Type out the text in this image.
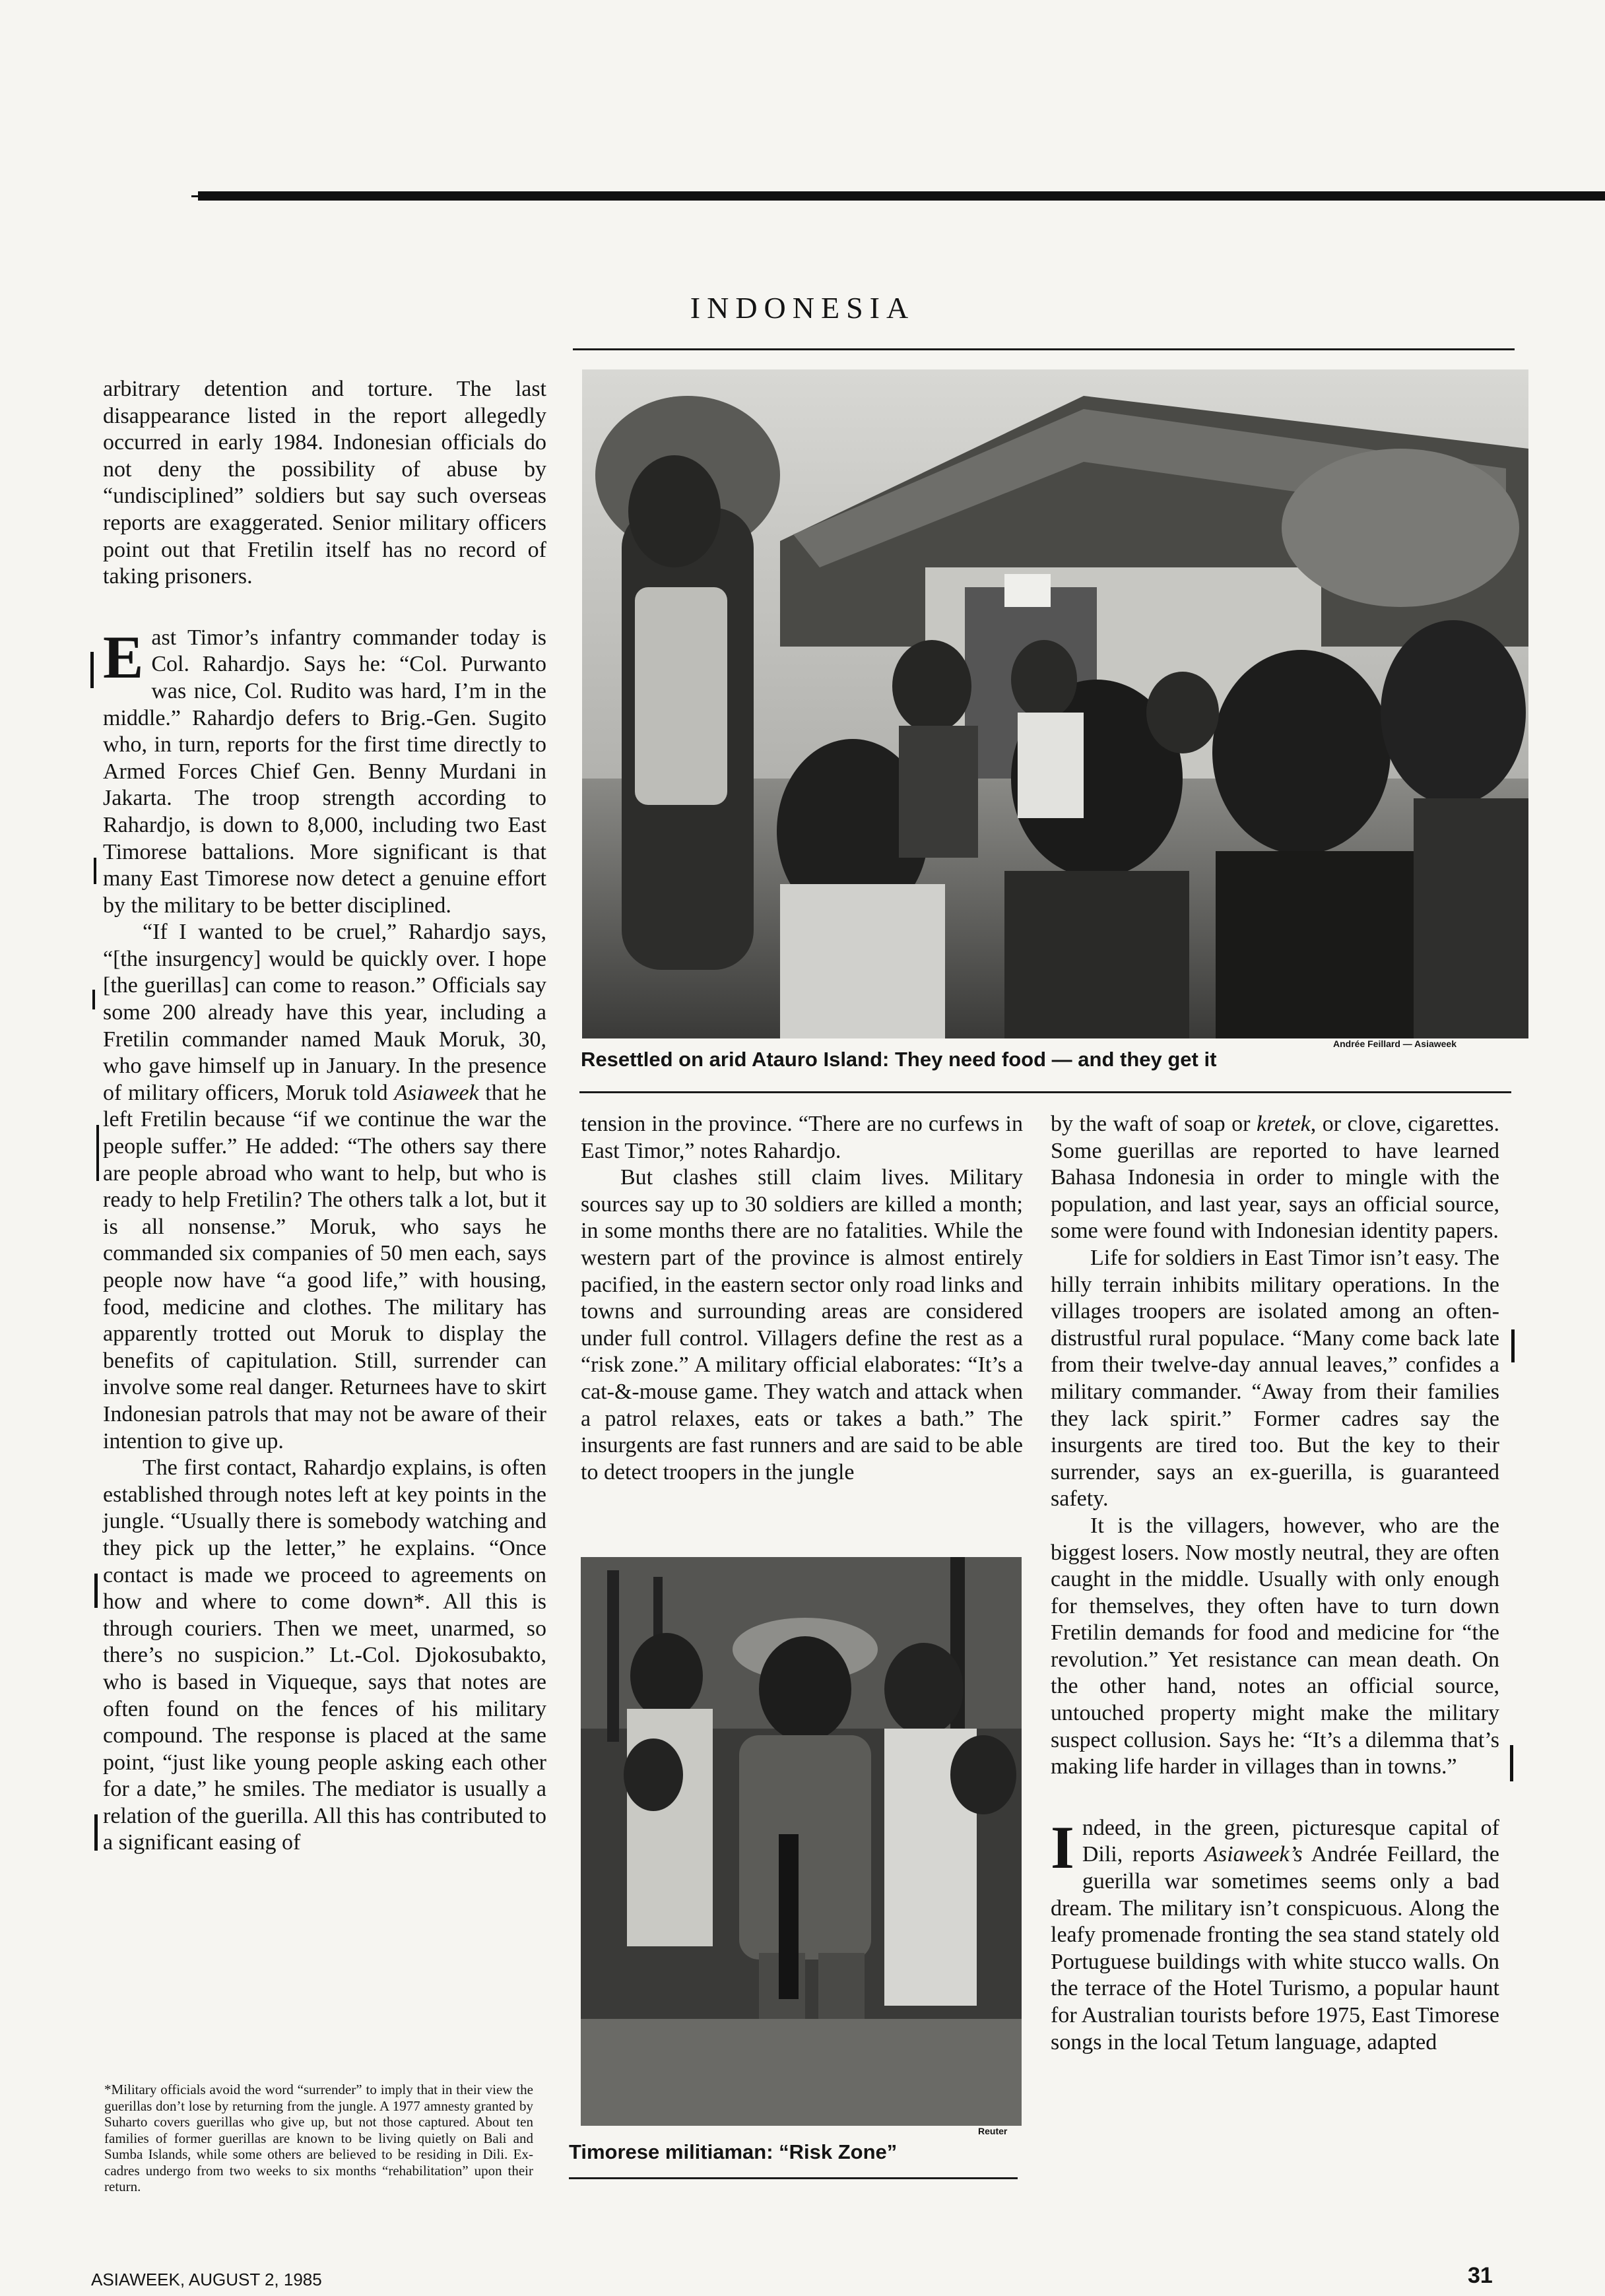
INDONESIA

arbitrary detention and torture. The last disappearance listed in the report allegedly occurred in early 1984. Indonesian officials do not deny the possibility of abuse by “undisciplined” soldiers but say such overseas reports are exaggerated. Senior military officers point out that Fretilin itself has no record of taking prisoners.

East Timor’s infantry commander today is Col. Rahardjo. Says he: “Col. Purwanto was nice, Col. Rudito was hard, I’m in the middle.” Rahardjo defers to Brig.-Gen. Sugito who, in turn, reports for the first time directly to Armed Forces Chief Gen. Benny Murdani in Jakarta. The troop strength according to Rahardjo, is down to 8,000, including two East Timorese battalions. More significant is that many East Timorese now detect a genuine effort by the military to be better disciplined.

“If I wanted to be cruel,” Rahardjo says, “[the insurgency] would be quickly over. I hope [the guerillas] can come to reason.” Officials say some 200 already have this year, including a Fretilin commander named Mauk Moruk, 30, who gave himself up in January. In the presence of military officers, Moruk told Asiaweek that he left Fretilin because “if we continue the war the people suffer.” He added: “The others say there are people abroad who want to help, but who is ready to help Fretilin? The others talk a lot, but it is all nonsense.” Moruk, who says he commanded six companies of 50 men each, says people now have “a good life,” with housing, food, medicine and clothes. The military has apparently trotted out Moruk to display the benefits of capitulation. Still, surrender can involve some real danger. Returnees have to skirt Indonesian patrols that may not be aware of their intention to give up.

The first contact, Rahardjo explains, is often established through notes left at key points in the jungle. “Usually there is somebody watching and they pick up the letter,” he explains. “Once contact is made we proceed to agreements on how and where to come down*. All this is through couriers. Then we meet, unarmed, so there’s no suspicion.” Lt.-Col. Djokosubakto, who is based in Viqueque, says that notes are often found on the fences of his military compound. The response is placed at the same point, “just like young people asking each other for a date,” he smiles. The mediator is usually a relation of the guerilla. All this has contributed to a significant easing of

*Military officials avoid the word “surrender” to imply that in their view the guerillas don’t lose by returning from the jungle. A 1977 amnesty granted by Suharto covers guerillas who give up, but not those captured. About ten families of former guerillas are known to be living quietly on Bali and Sumba Islands, while some others are believed to be residing in Dili. Ex-cadres undergo from two weeks to six months “rehabilitation” upon their return.
Andrée Feillard — Asiaweek
Resettled on arid Atauro Island: They need food — and they get it

tension in the province. “There are no curfews in East Timor,” notes Rahardjo.

But clashes still claim lives. Military sources say up to 30 soldiers are killed a month; in some months there are no fatalities. While the western part of the province is almost entirely pacified, in the eastern sector only road links and towns and surrounding areas are considered under full control. Villagers define the rest as a “risk zone.” A military official elaborates: “It’s a cat-&-mouse game. They watch and attack when a patrol relaxes, eats or takes a bath.” The insurgents are fast runners and are said to be able to detect troopers in the jungle

Reuter
Timorese militiaman: “Risk Zone”

by the waft of soap or kretek, or clove, cigarettes. Some guerillas are reported to have learned Bahasa Indonesia in order to mingle with the population, and last year, says an official source, some were found with Indonesian identity papers.

Life for soldiers in East Timor isn’t easy. The hilly terrain inhibits military operations. In the villages troopers are isolated among an often-distrustful rural populace. “Many come back late from their twelve-day annual leaves,” confides a military commander. “Away from their families they lack spirit.” Former cadres say the insurgents are tired too. But the key to their surrender, says an ex-guerilla, is guaranteed safety.

It is the villagers, however, who are the biggest losers. Now mostly neutral, they are often caught in the middle. Usually with only enough for themselves, they often have to turn down Fretilin demands for food and medicine for “the revolution.” Yet resistance can mean death. On the other hand, notes an official source, untouched property might make the military suspect collusion. Says he: “It’s a dilemma that’s making life harder in villages than in towns.”

Indeed, in the green, picturesque capital of Dili, reports Asiaweek’s Andrée Feillard, the guerilla war sometimes seems only a bad dream. The military isn’t conspicuous. Along the leafy promenade fronting the sea stand stately old Portuguese buildings with white stucco walls. On the terrace of the Hotel Turismo, a popular haunt for Australian tourists before 1975, East Timorese songs in the local Tetum language, adapted

ASIAWEEK, AUGUST 2, 1985	31
